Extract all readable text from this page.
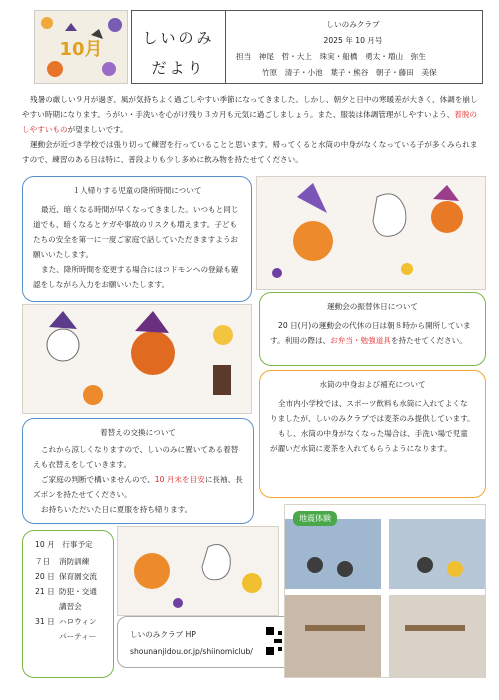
10月
しいのみ
だより
しいのみクラブ
2025 年 10 月号
担当　神尾　哲・大上　珠実・船橋　勇太・増山　弥生
竹原　清子・小池　葉子・熊谷　朝子・藤田　美保

残暑の厳しい９月が過ぎ、風が気持ちよく過ごしやすい季節になってきました。しかし、朝夕と日中の寒暖差が大きく、体調を崩しやすい時期になります。うがい・手洗いを心がけ残り３カ月も元気に過ごしましょう。また、服装は体調管理がしやすいよう、着脱のしやすいものが望ましいです。

運動会が近づき学校では張り切って練習を行っていることと思います。帰ってくると水筒の中身がなくなっている子が多くみられますので、練習のある日は特に、普段よりも少し多めに飲み物を持たせてください。

１人帰りする児童の降所時間について

最近、暗くなる時間が早くなってきました。いつもと同じ道でも、暗くなるとケガや事故のリスクも増えます。子どもたちの安全を第一に一度ご家庭で話していただきますようお願いいたします。

また、降所時間を変更する場合にはコドモンへの登録も確認をしながら入力をお願いいたします。

運動会の振替休日について

20 日(月)の運動会の代休の日は朝８時から開所しています。利用の際は、お弁当・勉強道具を持たせてください。

水筒の中身および補充について

全市内小学校では、スポーツ飲料も水筒に入れてよくなりましたが、しいのみクラブでは麦茶のみ提供しています。

もし、水筒の中身がなくなった場合は、手洗い場で児童が濯いだ水筒に麦茶を入れてもらうようになります。

着替えの交換について

これから涼しくなりますので、しいのみに置いてある着替えも衣替えをしていきます。

ご家庭の判断で構いませんので、10 月末を目安に長袖、長ズボンを持たせてください。

お持ちいただいた日に夏服を持ち帰ります。

10 月　行事予定
７日 消防訓練
20 日 保育園交流
21 日 防犯・交通
講習会
31 日 ハロウィン
パーティー	しいのみクラブ HP
shounanjidou.or.jp/shiinomiclub/
地震体験
